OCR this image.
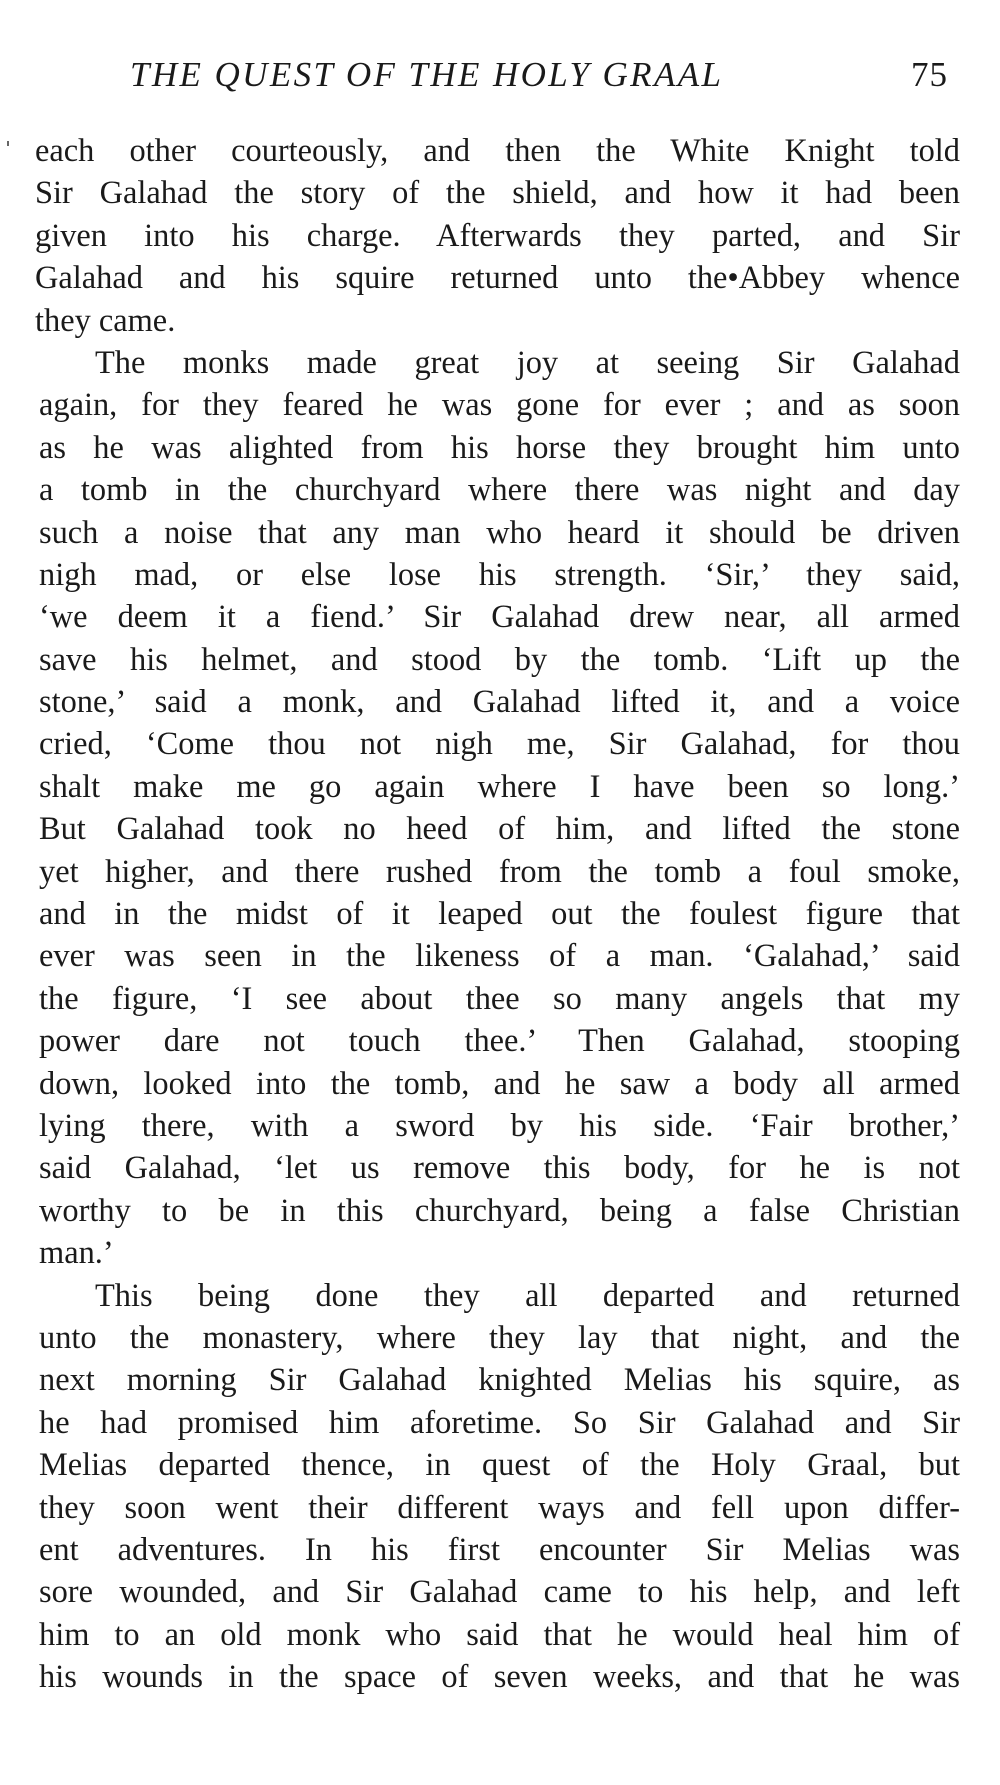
THE QUEST OF THE HOLY GRAAL	75
each other courteously, and then the White Knight told
Sir Galahad the story of the shield, and how it had been
given into his charge. Afterwards they parted, and Sir
Galahad and his squire returned unto the•Abbey whence
they came.
The monks made great joy at seeing Sir Galahad
again, for they feared he was gone for ever ; and as soon
as he was alighted from his horse they brought him unto
a tomb in the churchyard where there was night and day
such a noise that any man who heard it should be driven
nigh mad, or else lose his strength. ‘Sir,’ they said,
‘we deem it a fiend.’ Sir Galahad drew near, all armed
save his helmet, and stood by the tomb. ‘Lift up the
stone,’ said a monk, and Galahad lifted it, and a voice
cried, ‘Come thou not nigh me, Sir Galahad, for thou
shalt make me go again where I have been so long.’
But Galahad took no heed of him, and lifted the stone
yet higher, and there rushed from the tomb a foul smoke,
and in the midst of it leaped out the foulest figure that
ever was seen in the likeness of a man. ‘Galahad,’ said
the figure, ‘I see about thee so many angels that my
power dare not touch thee.’ Then Galahad, stooping
down, looked into the tomb, and he saw a body all armed
lying there, with a sword by his side. ‘Fair brother,’
said Galahad, ‘let us remove this body, for he is not
worthy to be in this churchyard, being a false Christian
man.’
This being done they all departed and returned
unto the monastery, where they lay that night, and the
next morning Sir Galahad knighted Melias his squire, as
he had promised him aforetime. So Sir Galahad and Sir
Melias departed thence, in quest of the Holy Graal, but
they soon went their different ways and fell upon differ-
ent adventures. In his first encounter Sir Melias was
sore wounded, and Sir Galahad came to his help, and left
him to an old monk who said that he would heal him of
his wounds in the space of seven weeks, and that he was
